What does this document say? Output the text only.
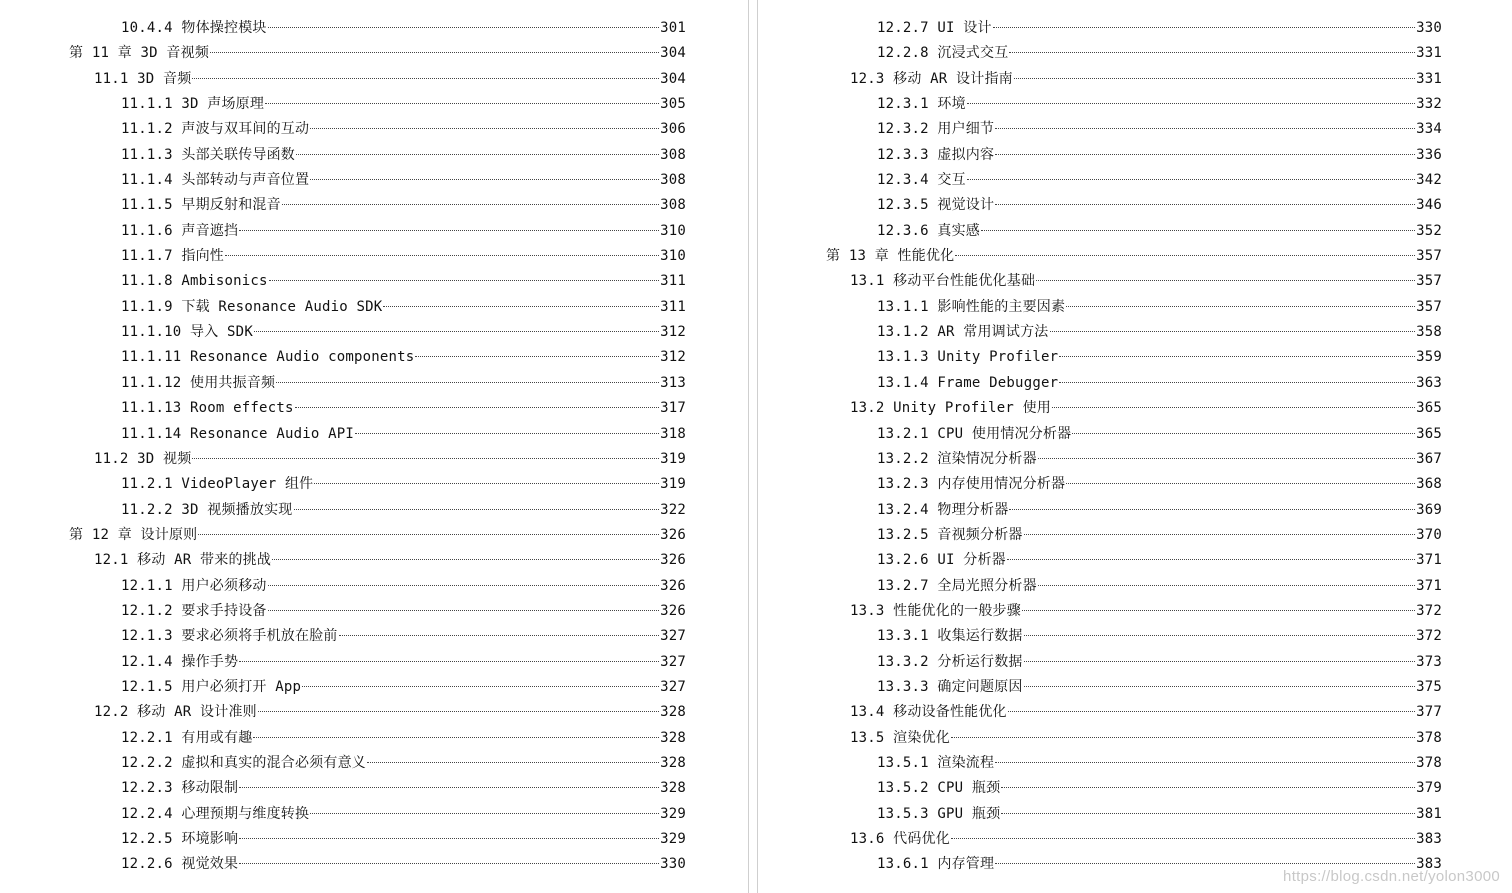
10.4.4 物体操控模块	301
第 11 章 3D 音视频	304
11.1 3D 音频	304
11.1.1 3D 声场原理	305
11.1.2 声波与双耳间的互动	306
11.1.3 头部关联传导函数	308
11.1.4 头部转动与声音位置	308
11.1.5 早期反射和混音	308
11.1.6 声音遮挡	310
11.1.7 指向性	310
11.1.8 Ambisonics	311
11.1.9 下载 Resonance Audio SDK	311
11.1.10 导入 SDK	312
11.1.11 Resonance Audio components	312
11.1.12 使用共振音频	313
11.1.13 Room effects	317
11.1.14 Resonance Audio API	318
11.2 3D 视频	319
11.2.1 VideoPlayer 组件	319
11.2.2 3D 视频播放实现	322
第 12 章 设计原则	326
12.1 移动 AR 带来的挑战	326
12.1.1 用户必须移动	326
12.1.2 要求手持设备	326
12.1.3 要求必须将手机放在脸前	327
12.1.4 操作手势	327
12.1.5 用户必须打开 App	327
12.2 移动 AR 设计准则	328
12.2.1 有用或有趣	328
12.2.2 虚拟和真实的混合必须有意义	328
12.2.3 移动限制	328
12.2.4 心理预期与维度转换	329
12.2.5 环境影响	329
12.2.6 视觉效果	330
12.2.7 UI 设计	330
12.2.8 沉浸式交互	331
12.3 移动 AR 设计指南	331
12.3.1 环境	332
12.3.2 用户细节	334
12.3.3 虚拟内容	336
12.3.4 交互	342
12.3.5 视觉设计	346
12.3.6 真实感	352
第 13 章 性能优化	357
13.1 移动平台性能优化基础	357
13.1.1 影响性能的主要因素	357
13.1.2 AR 常用调试方法	358
13.1.3 Unity Profiler	359
13.1.4 Frame Debugger	363
13.2 Unity Profiler 使用	365
13.2.1 CPU 使用情况分析器	365
13.2.2 渲染情况分析器	367
13.2.3 内存使用情况分析器	368
13.2.4 物理分析器	369
13.2.5 音视频分析器	370
13.2.6 UI 分析器	371
13.2.7 全局光照分析器	371
13.3 性能优化的一般步骤	372
13.3.1 收集运行数据	372
13.3.2 分析运行数据	373
13.3.3 确定问题原因	375
13.4 移动设备性能优化	377
13.5 渲染优化	378
13.5.1 渲染流程	378
13.5.2 CPU 瓶颈	379
13.5.3 GPU 瓶颈	381
13.6 代码优化	383
13.6.1 内存管理	383
https://blog.csdn.net/yolon3000
